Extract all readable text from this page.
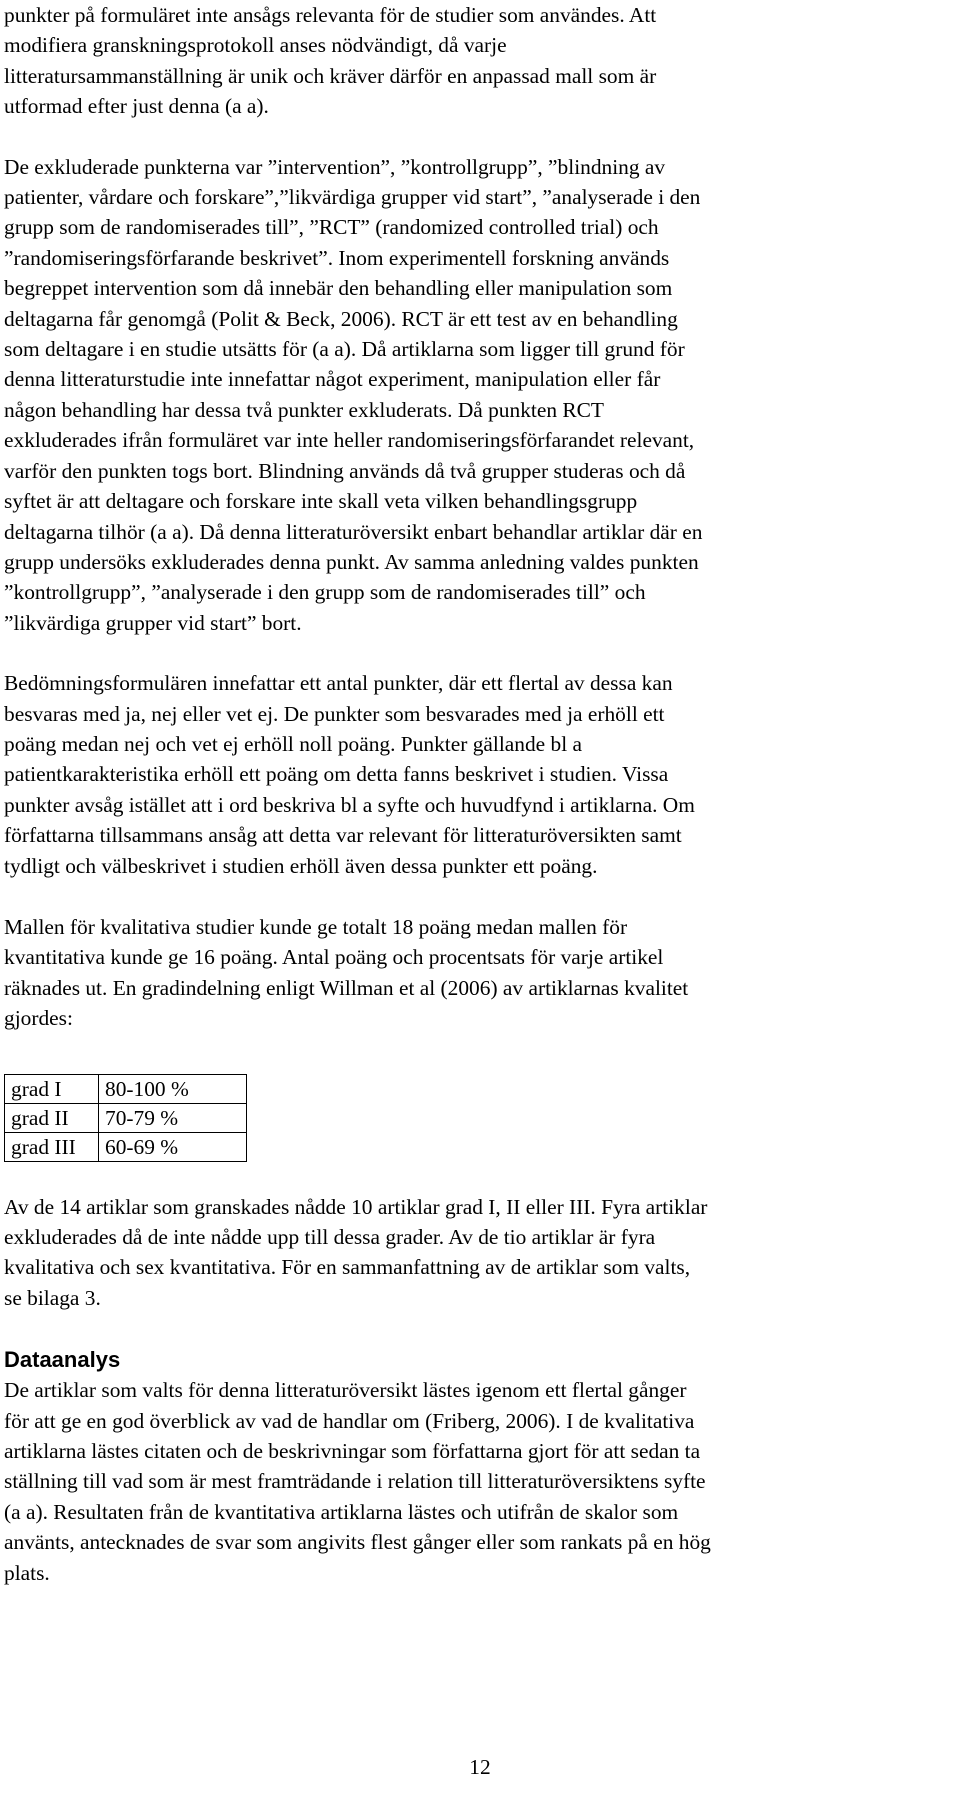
punkter på formuläret inte ansågs relevanta för de studier som användes. Att
modifiera granskningsprotokoll anses nödvändigt, då varje
litteratursammanställning är unik och kräver därför en anpassad mall som är
utformad efter just denna (a a).

De exkluderade punkterna var ”intervention”, ”kontrollgrupp”, ”blindning av
patienter, vårdare och forskare”,”likvärdiga grupper vid start”, ”analyserade i den
grupp som de randomiserades till”, ”RCT” (randomized controlled trial) och
”randomiseringsförfarande beskrivet”. Inom experimentell forskning används
begreppet intervention som då innebär den behandling eller manipulation som
deltagarna får genomgå (Polit & Beck, 2006). RCT är ett test av en behandling
som deltagare i en studie utsätts för (a a). Då artiklarna som ligger till grund för
denna litteraturstudie inte innefattar något experiment, manipulation eller får
någon behandling har dessa två punkter exkluderats. Då punkten RCT
exkluderades ifrån formuläret var inte heller randomiseringsförfarandet relevant,
varför den punkten togs bort. Blindning används då två grupper studeras och då
syftet är att deltagare och forskare inte skall veta vilken behandlingsgrupp
deltagarna tilhör (a a). Då denna litteraturöversikt enbart behandlar artiklar där en
grupp undersöks exkluderades denna punkt. Av samma anledning valdes punkten
”kontrollgrupp”, ”analyserade i den grupp som de randomiserades till” och
”likvärdiga grupper vid start” bort.

Bedömningsformulären innefattar ett antal punkter, där ett flertal av dessa kan
besvaras med ja, nej eller vet ej. De punkter som besvarades med ja erhöll ett
poäng medan nej och vet ej erhöll noll poäng. Punkter gällande bl a
patientkarakteristika erhöll ett poäng om detta fanns beskrivet i studien. Vissa
punkter avsåg istället att i ord beskriva bl a syfte och huvudfynd i artiklarna. Om
författarna tillsammans ansåg att detta var relevant för litteraturöversikten samt
tydligt och välbeskrivet i studien erhöll även dessa punkter ett poäng.

Mallen för kvalitativa studier kunde ge totalt 18 poäng medan mallen för
kvantitativa kunde ge 16 poäng. Antal poäng och procentsats för varje artikel
räknades ut. En gradindelning enligt Willman et al (2006) av artiklarnas kvalitet
gjordes:

grad I	80-100 %
grad II	70-79 %
grad III	60-69 %

Av de 14 artiklar som granskades nådde 10 artiklar grad I, II eller III. Fyra artiklar
exkluderades då de inte nådde upp till dessa grader. Av de tio artiklar är fyra
kvalitativa och sex kvantitativa. För en sammanfattning av de artiklar som valts,
se bilaga 3.

Dataanalys

De artiklar som valts för denna litteraturöversikt lästes igenom ett flertal gånger
för att ge en god överblick av vad de handlar om (Friberg, 2006). I de kvalitativa
artiklarna lästes citaten och de beskrivningar som författarna gjort för att sedan ta
ställning till vad som är mest framträdande i relation till litteraturöversiktens syfte
(a a). Resultaten från de kvantitativa artiklarna lästes och utifrån de skalor som
använts, antecknades de svar som angivits flest gånger eller som rankats på en hög
plats.

12
